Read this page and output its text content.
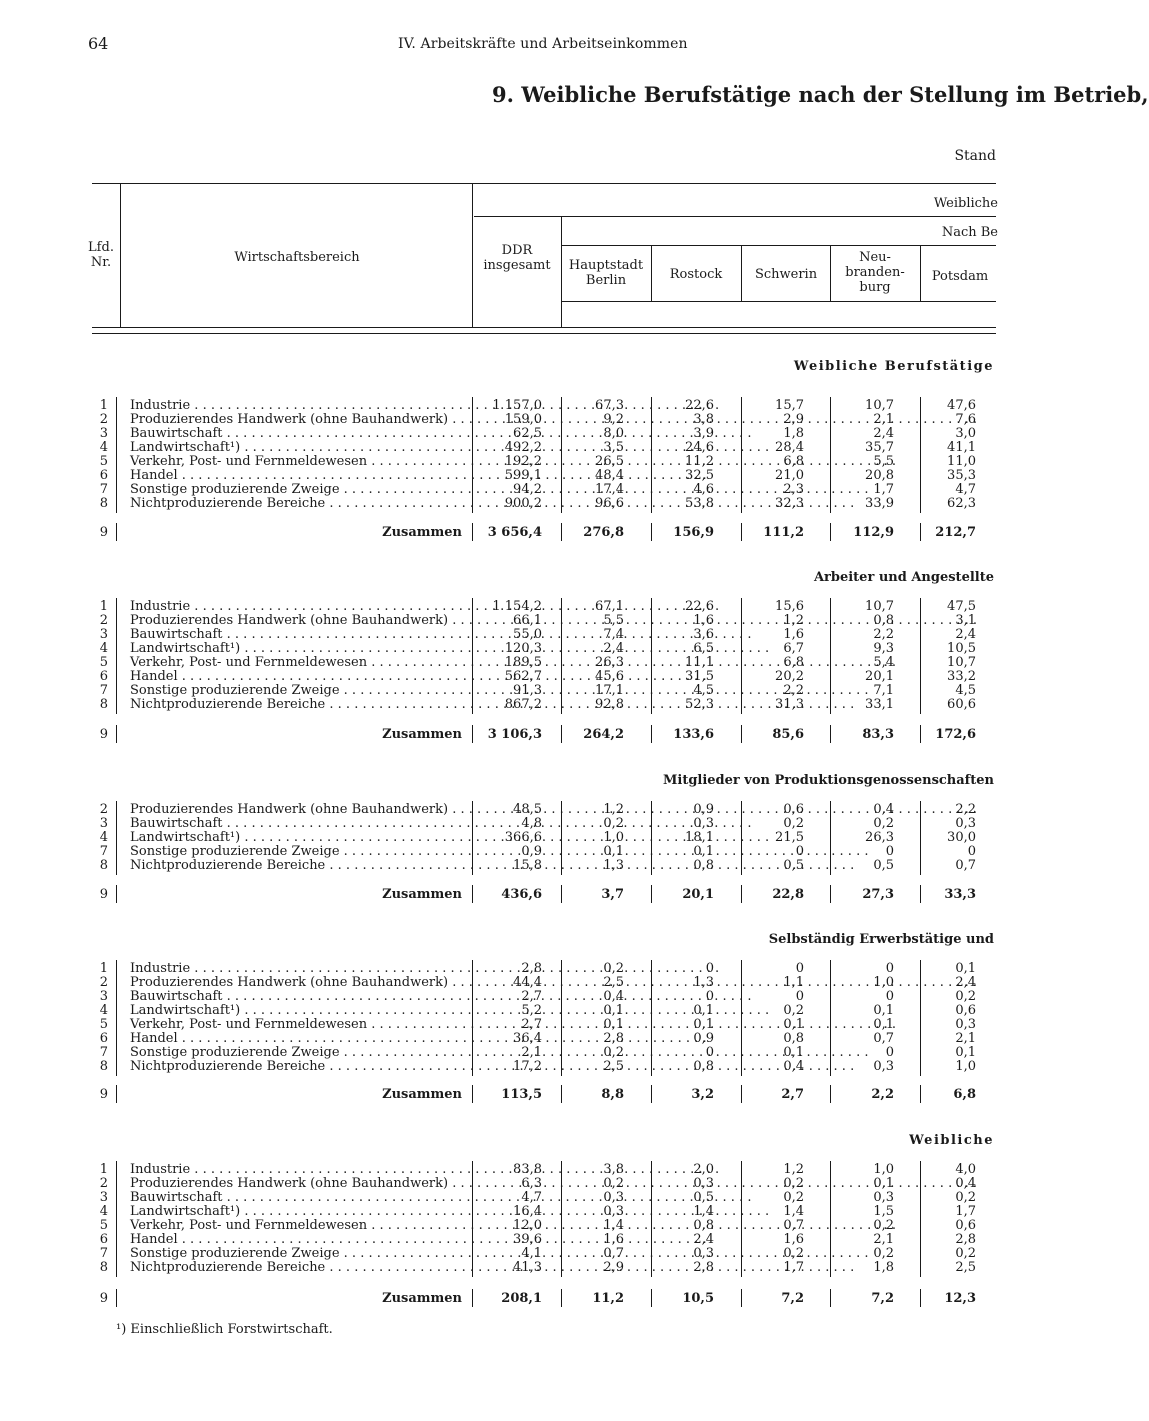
64	IV. Arbeitskräfte und Arbeitseinkommen
9. Weibliche Berufstätige nach der Stellung im Betrieb,
Stand
Lfd.
Nr.	Wirtschaftsbereich	DDR
insgesamt
Weibliche
Nach Be
Hauptstadt
Berlin	Rostock	Schwerin
Neu-
branden-
burg
Potsdam
Weibliche Berufstätige
1 Industrie . . .	1 157,0	67,3	22,6	15,7	10,7	47,6
2 Produzierendes Handwerk (ohne Bauhandwerk) . . .	159,0	9,2	3,8	2,9	2,1	7,6
3 Bauwirtschaft . . .	62,5	8,0	3,9	1,8	2,4	3,0
4 Landwirtschaft¹) . . .	492,2	3,5	24,6	28,4	35,7	41,1
5 Verkehr, Post- und Fernmeldewesen . . .	192,2	26,5	11,2	6,8	5,5	11,0
6 Handel . . .	599,1	48,4	32,5	21,0	20,8	35,3
7 Sonstige produzierende Zweige . . .	94,2	17,4	4,6	2,3	1,7	4,7
8 Nichtproduzierende Bereiche . . .	900,2	96,6	53,8	32,3	33,9	62,3
9	Zusammen	3 656,4	276,8	156,9	111,2	112,9	212,7
Arbeiter und Angestellte
1 Industrie . . .	1 154,2	67,1	22,6	15,6	10,7	47,5
2 Produzierendes Handwerk (ohne Bauhandwerk) . . .	66,1	5,5	1,6	1,2	0,8	3,1
3 Bauwirtschaft . . .	55,0	7,4	3,6	1,6	2,2	2,4
4 Landwirtschaft¹) . . .	120,3	2,4	6,5	6,7	9,3	10,5
5 Verkehr, Post- und Fernmeldewesen . . .	189,5	26,3	11,1	6,8	5,4	10,7
6 Handel . . .	562,7	45,6	31,5	20,2	20,1	33,2
7 Sonstige produzierende Zweige . . .	91,3	17,1	4,5	2,2	7,1	4,5
8 Nichtproduzierende Bereiche . . .	867,2	92,8	52,3	31,3	33,1	60,6
9	Zusammen	3 106,3	264,2	133,6	85,6	83,3	172,6
Mitglieder von Produktionsgenossenschaften
2 Produzierendes Handwerk (ohne Bauhandwerk) . . .	48,5	1,2	0,9	0,6	0,4	2,2
3 Bauwirtschaft . . .	4,8	0,2	0,3	0,2	0,2	0,3
4 Landwirtschaft¹) . . .	366,6	1,0	18,1	21,5	26,3	30,0
7 Sonstige produzierende Zweige . . .	0,9	0,1	0,1	0	0	0
8 Nichtproduzierende Bereiche . . .	15,8	1,3	0,8	0,5	0,5	0,7
9	Zusammen	436,6	3,7	20,1	22,8	27,3	33,3
Selbständig Erwerbstätige und
1 Industrie . . .	2,8	0,2	0	0	0	0,1
2 Produzierendes Handwerk (ohne Bauhandwerk) . . .	44,4	2,5	1,3	1,1	1,0	2,4
3 Bauwirtschaft . . .	2,7	0,4	0	0	0	0,2
4 Landwirtschaft¹) . . .	5,2	0,1	0,1	0,2	0,1	0,6
5 Verkehr, Post- und Fernmeldewesen . . .	2,7	0,1	0,1	0,1	0,1	0,3
6 Handel . . .	36,4	2,8	0,9	0,8	0,7	2,1
7 Sonstige produzierende Zweige . . .	2,1	0,2	0	0,1	0	0,1
8 Nichtproduzierende Bereiche . . .	17,2	2,5	0,8	0,4	0,3	1,0
9	Zusammen	113,5	8,8	3,2	2,7	2,2	6,8
Weibliche
1 Industrie . . .	83,8	3,8	2,0	1,2	1,0	4,0
2 Produzierendes Handwerk (ohne Bauhandwerk) . . .	6,3	0,2	0,3	0,2	0,1	0,4
3 Bauwirtschaft . . .	4,7	0,3	0,5	0,2	0,3	0,2
4 Landwirtschaft¹) . . .	16,4	0,3	1,4	1,4	1,5	1,7
5 Verkehr, Post- und Fernmeldewesen . . .	12,0	1,4	0,8	0,7	0,2	0,6
6 Handel . . .	39,6	1,6	2,4	1,6	2,1	2,8
7 Sonstige produzierende Zweige . . .	4,1	0,7	0,3	0,2	0,2	0,2
8 Nichtproduzierende Bereiche . . .	41,3	2,9	2,8	1,7	1,8	2,5
9	Zusammen	208,1	11,2	10,5	7,2	7,2	12,3
¹) Einschließlich Forstwirtschaft.
